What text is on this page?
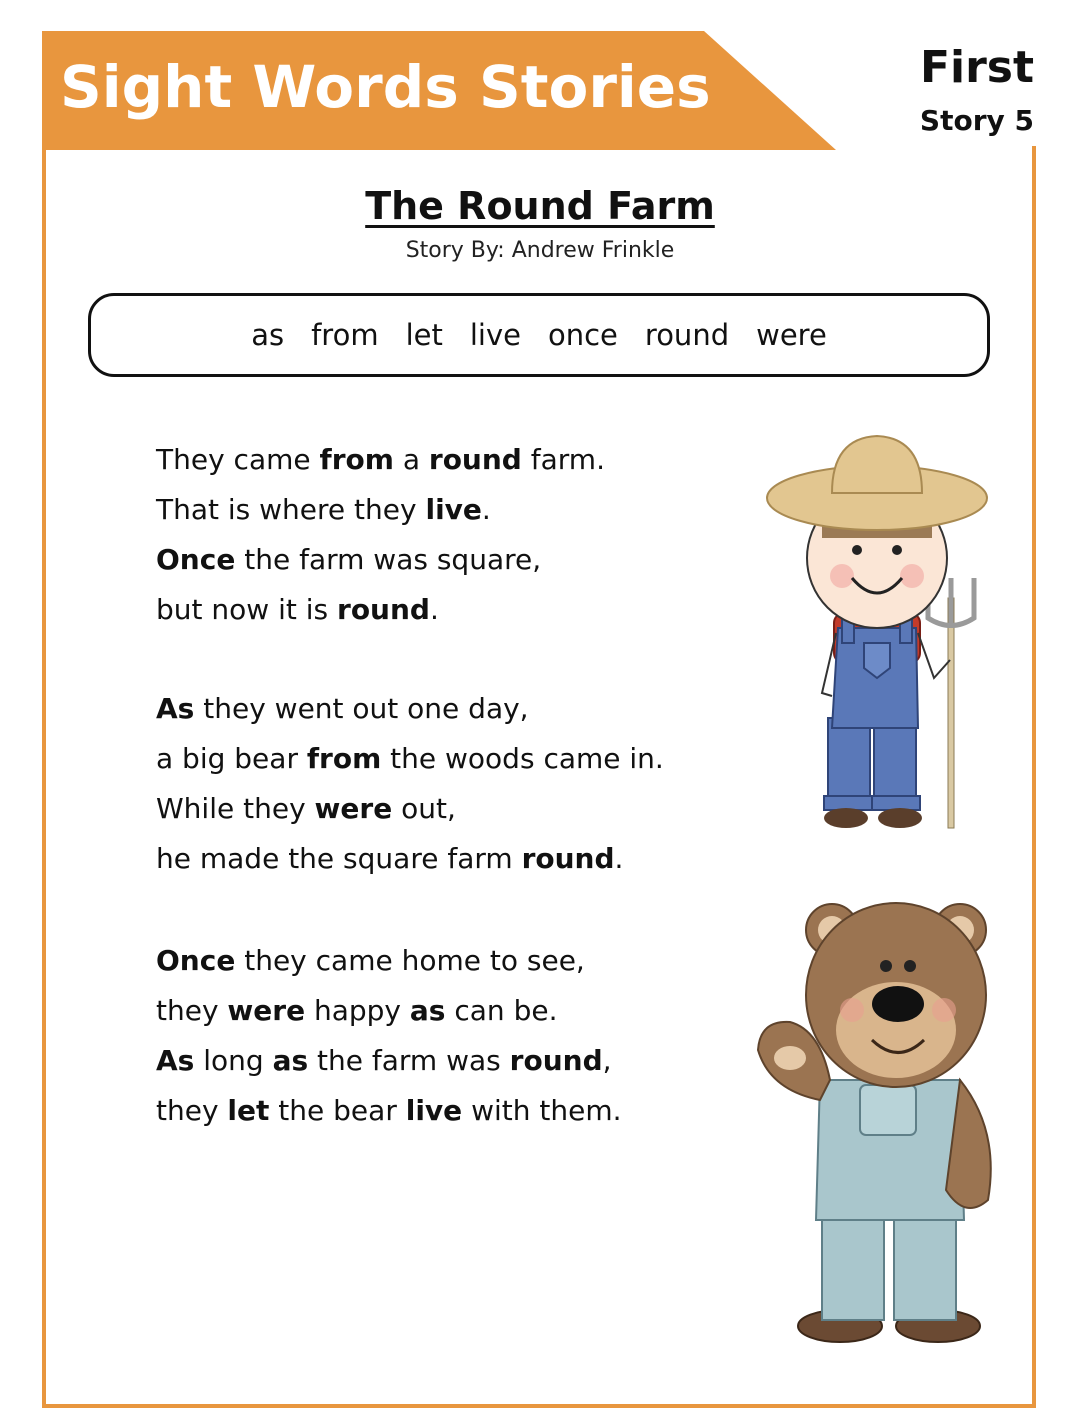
Sight Words Stories	First
Story 5
The Round Farm
Story By: Andrew Frinkle
as from let live once round were
They came from a round farm.
That is where they live.
Once the farm was square,
but now it is round.
As they went out one day,
a big bear from the woods came in.
While they were out,
he made the square farm round.
Once they came home to see,
they were happy as can be.
As long as the farm was round,
they let the bear live with them.
